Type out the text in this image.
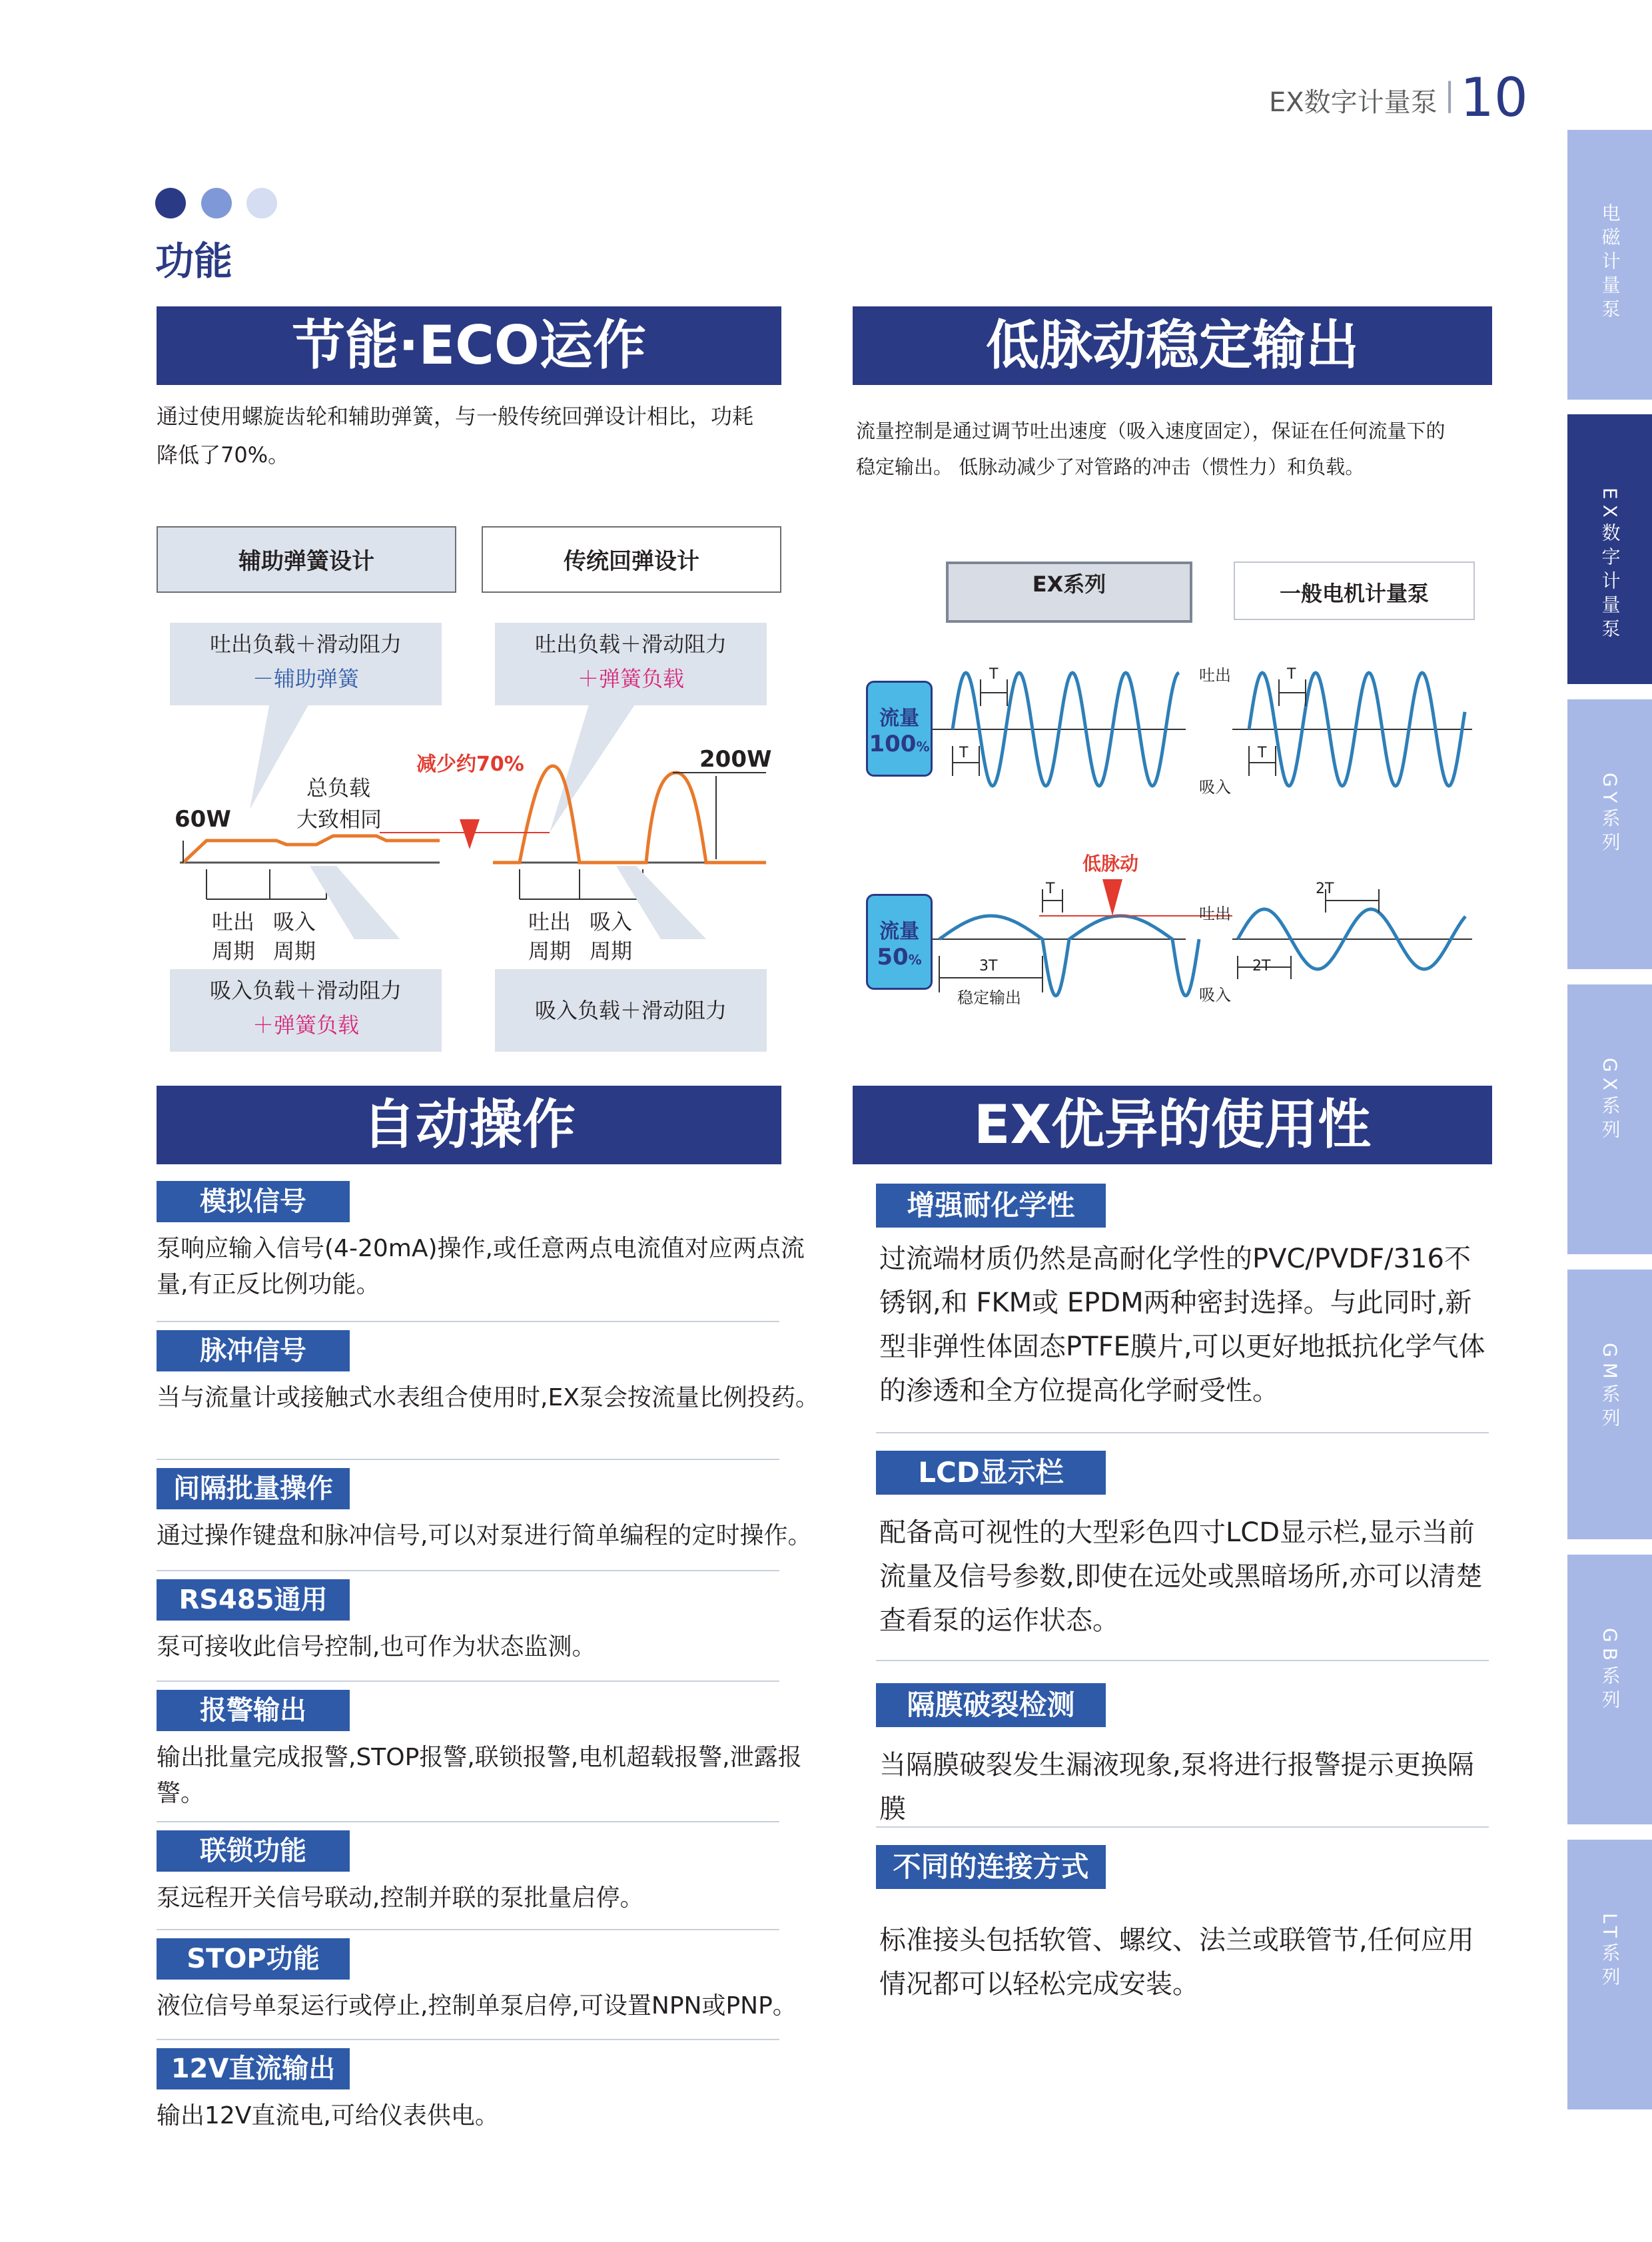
EX数字计量泵 | 10
电磁计量泵
EX数字计量泵
GY系列
GX系列
GM系列
GB系列
LT系列
功能
节能·ECO运作
通过使用螺旋齿轮和辅助弹簧，与一般传统回弹设计相比，功耗降低了70%。
辅助弹簧设计	传统回弹设计
吐出负载＋滑动阻力
－辅助弹簧
吐出负载＋滑动阻力
＋弹簧负载
总负载
大致相同
减少约70%
60W
200W
吐出
周期
吸入
周期
吐出
周期
吸入
周期
吸入负载＋滑动阻力
＋弹簧负载
吸入负载＋滑动阻力
低脉动稳定输出
流量控制是通过调节吐出速度（吸入速度固定），保证在任何流量下的
稳定输出。 低脉动减少了对管路的冲击（惯性力）和负载。
EX系列	一般电机计量泵
流量
100%
流量
50%
T
T
T
T
吐出
吸入
低脉动
T
吐出
3T
稳定输出	吸入
2T
2T
自动操作
模拟信号
泵响应输入信号(4-20mA)操作,或任意两点电流值对应两点流量,有正反比例功能。
脉冲信号
当与流量计或接触式水表组合使用时,EX泵会按流量比例投药。
间隔批量操作
通过操作键盘和脉冲信号,可以对泵进行简单编程的定时操作。
RS485通用
泵可接收此信号控制,也可作为状态监测。
报警输出
输出批量完成报警,STOP报警,联锁报警,电机超载报警,泄露报警。
联锁功能
泵远程开关信号联动,控制并联的泵批量启停。
STOP功能
液位信号单泵运行或停止,控制单泵启停,可设置NPN或PNP。
12V直流输出
输出12V直流电,可给仪表供电。
EX优异的使用性
增强耐化学性
过流端材质仍然是高耐化学性的PVC/PVDF/316不锈钢,和 FKM或 EPDM两种密封选择。与此同时,新型非弹性体固态PTFE膜片,可以更好地抵抗化学气体的渗透和全方位提高化学耐受性。
LCD显示栏
配备高可视性的大型彩色四寸LCD显示栏,显示当前流量及信号参数,即使在远处或黑暗场所,亦可以清楚查看泵的运作状态。
隔膜破裂检测
当隔膜破裂发生漏液现象,泵将进行报警提示更换隔膜
不同的连接方式
标准接头包括软管、螺纹、法兰或联管节,任何应用情况都可以轻松完成安装。
